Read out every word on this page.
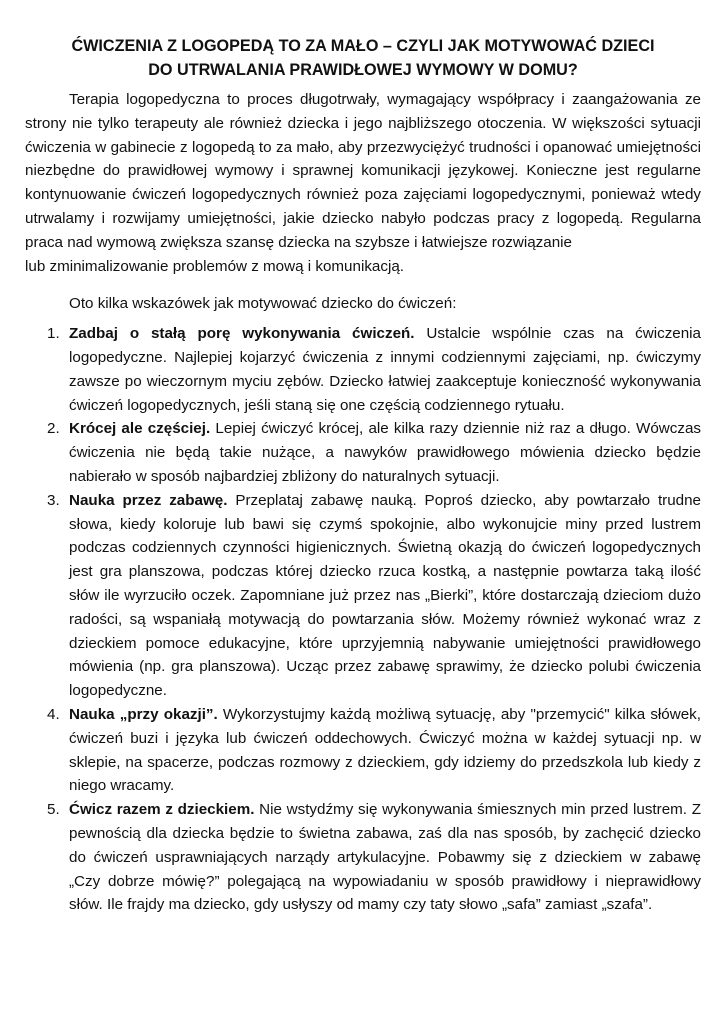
ĆWICZENIA Z LOGOPEDĄ TO ZA MAŁO – CZYLI JAK MOTYWOWAĆ DZIECI
DO UTRWALANIA PRAWIDŁOWEJ WYMOWY W DOMU?

Terapia logopedyczna to proces długotrwały, wymagający współpracy i zaangażowania ze strony nie tylko terapeuty ale również dziecka i jego najbliższego otoczenia. W większości sytuacji ćwiczenia w gabinecie z logopedą to za mało, aby przezwyciężyć trudności i opanować umiejętności niezbędne do prawidłowej wymowy i sprawnej komunikacji językowej. Konieczne jest regularne kontynuowanie ćwiczeń logopedycznych również poza zajęciami logopedycznymi, ponieważ wtedy utrwalamy i rozwijamy umiejętności, jakie dziecko nabyło podczas pracy z logopedą. Regularna praca nad wymową zwiększa szansę dziecka na szybsze i łatwiejsze rozwiązanie
lub zminimalizowanie problemów z mową i komunikacją.

Oto kilka wskazówek jak motywować dziecko do ćwiczeń:

1. Zadbaj o stałą porę wykonywania ćwiczeń. Ustalcie wspólnie czas na ćwiczenia logopedyczne. Najlepiej kojarzyć ćwiczenia z innymi codziennymi zajęciami, np. ćwiczymy zawsze po wieczornym myciu zębów. Dziecko łatwiej zaakceptuje konieczność wykonywania ćwiczeń logopedycznych, jeśli staną się one częścią codziennego rytuału.
2. Krócej ale częściej. Lepiej ćwiczyć krócej, ale kilka razy dziennie niż raz a długo. Wówczas ćwiczenia nie będą takie nużące, a nawyków prawidłowego mówienia dziecko będzie nabierało w sposób najbardziej zbliżony do naturalnych sytuacji.
3. Nauka przez zabawę. Przeplataj zabawę nauką. Poproś dziecko, aby powtarzało trudne słowa, kiedy koloruje lub bawi się czymś spokojnie, albo wykonujcie miny przed lustrem podczas codziennych czynności higienicznych. Świetną okazją do ćwiczeń logopedycznych jest gra planszowa, podczas której dziecko rzuca kostką, a następnie powtarza taką ilość słów ile wyrzuciło oczek. Zapomniane już przez nas „Bierki”, które dostarczają dzieciom dużo radości, są wspaniałą motywacją do powtarzania słów. Możemy również wykonać wraz z dzieckiem pomoce edukacyjne, które uprzyjemnią nabywanie umiejętności prawidłowego mówienia (np. gra planszowa). Ucząc przez zabawę sprawimy, że dziecko polubi ćwiczenia logopedyczne.
4. Nauka „przy okazji”. Wykorzystujmy każdą możliwą sytuację, aby "przemycić" kilka słówek, ćwiczeń buzi i języka lub ćwiczeń oddechowych. Ćwiczyć można w każdej sytuacji np. w sklepie, na spacerze, podczas rozmowy z dzieckiem, gdy idziemy do przedszkola lub kiedy z niego wracamy.
5. Ćwicz razem z dzieckiem. Nie wstydźmy się wykonywania śmiesznych min przed lustrem. Z pewnością dla dziecka będzie to świetna zabawa, zaś dla nas sposób, by zachęcić dziecko do ćwiczeń usprawniających narządy artykulacyjne. Pobawmy się z dzieckiem w zabawę „Czy dobrze mówię?” polegającą na wypowiadaniu w sposób prawidłowy i nieprawidłowy słów. Ile frajdy ma dziecko, gdy usłyszy od mamy czy taty słowo „safa” zamiast „szafa”.
